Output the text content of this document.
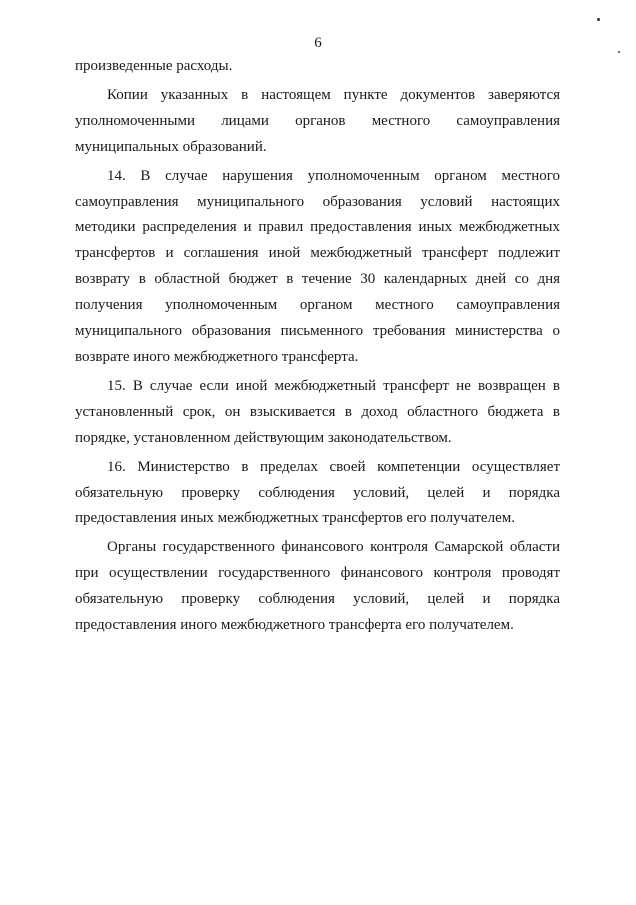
6

произведенные расходы.

Копии указанных в настоящем пункте документов заверяются уполномоченными лицами органов местного самоуправления муниципальных образований.

14. В случае нарушения уполномоченным органом местного самоуправления муниципального образования условий настоящих методики распределения и правил предоставления иных межбюджетных трансфертов и соглашения иной межбюджетный трансферт подлежит возврату в областной бюджет в течение 30 календарных дней со дня получения уполномоченным органом местного самоуправления муниципального образования письменного требования министерства о возврате иного межбюджетного трансферта.

15. В случае если иной межбюджетный трансферт не возвращен в установленный срок, он взыскивается в доход областного бюджета в порядке, установленном действующим законодательством.

16. Министерство в пределах своей компетенции осуществляет обязательную проверку соблюдения условий, целей и порядка предоставления иных межбюджетных трансфертов его получателем.

Органы государственного финансового контроля Самарской области при осуществлении государственного финансового контроля проводят обязательную проверку соблюдения условий, целей и порядка предоставления иного межбюджетного трансферта его получателем.
